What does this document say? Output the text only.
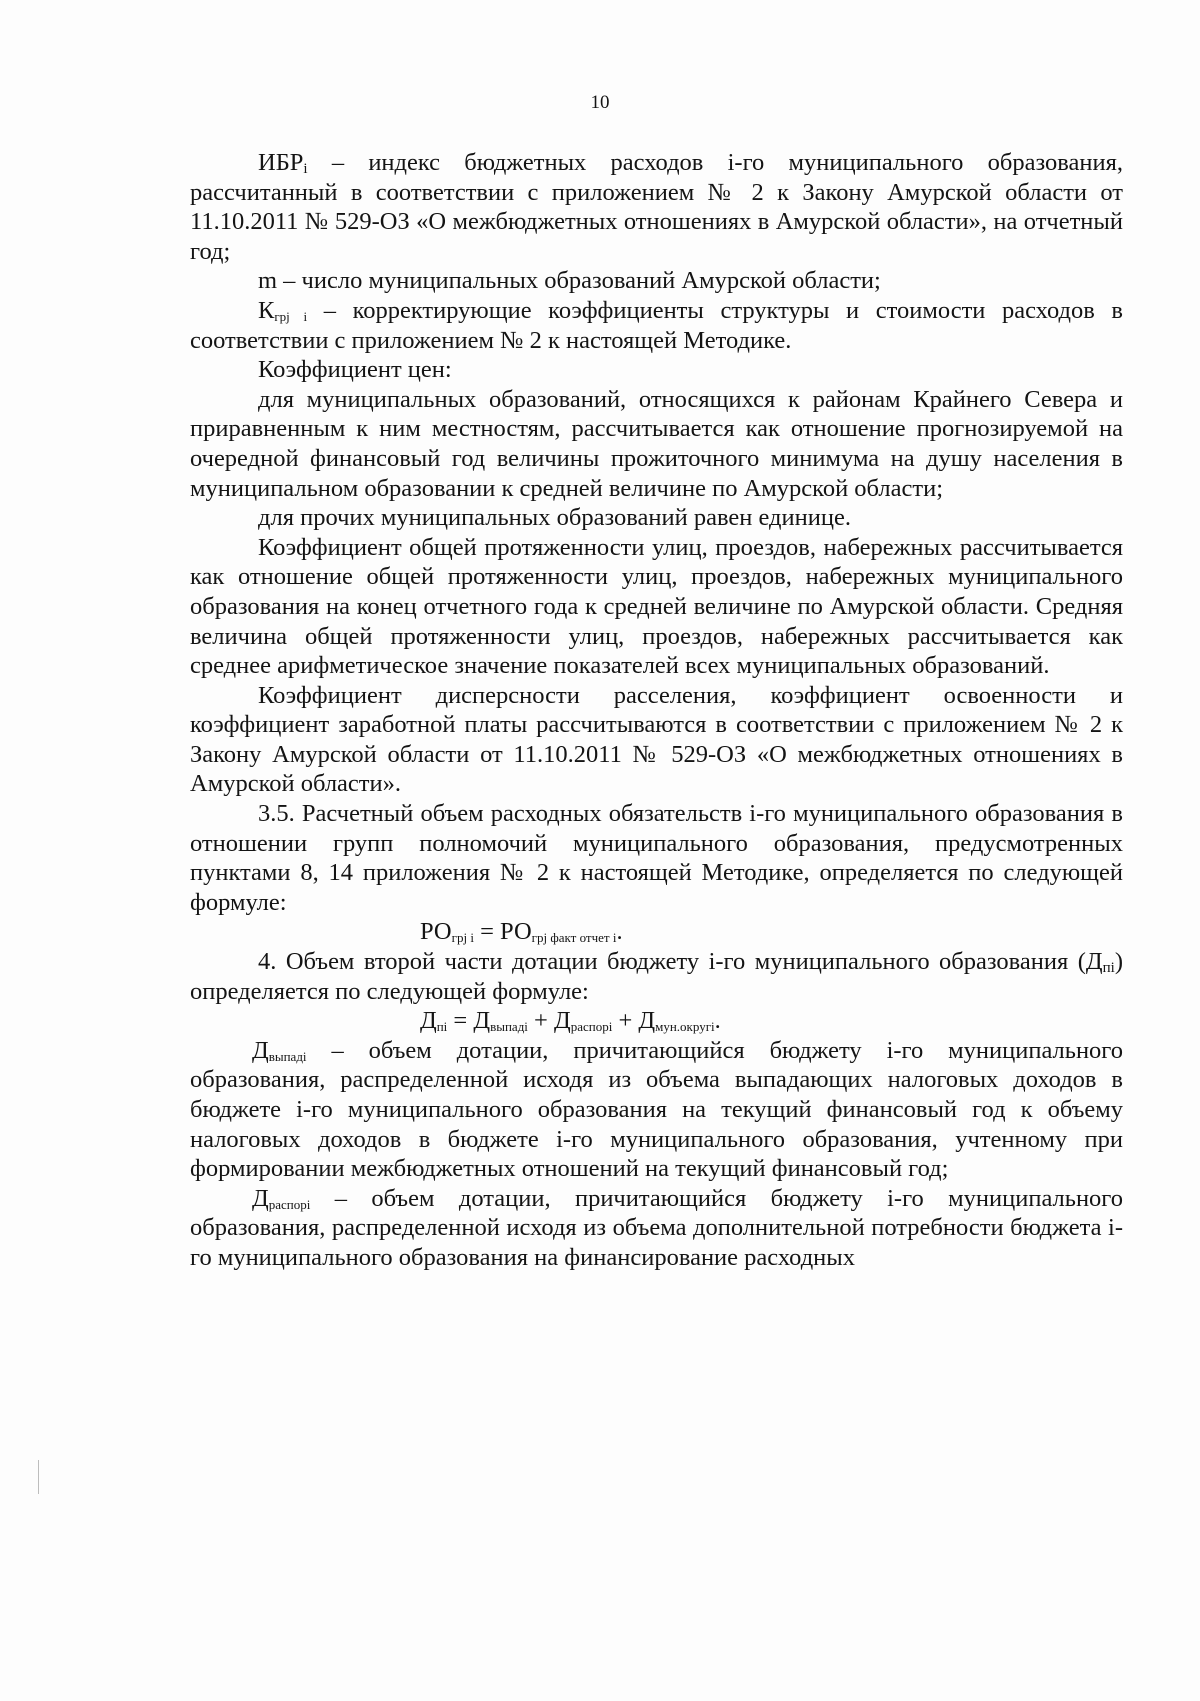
10

$ИБР_i$ – индекс бюджетных расходов i-го муниципального образования, рассчитанный в соответствии с приложением № 2 к Закону Амурской области от 11.10.2011 № 529-ОЗ «О межбюджетных отношениях в Амурской области», на отчетный год;

m – число муниципальных образований Амурской области;

$К_{грj i}$ – корректирующие коэффициенты структуры и стоимости расходов в соответствии с приложением № 2 к настоящей Методике.

Коэффициент цен:

для муниципальных образований, относящихся к районам Крайнего Севера и приравненным к ним местностям, рассчитывается как отношение прогнозируемой на очередной финансовый год величины прожиточного минимума на душу населения в муниципальном образовании к средней величине по Амурской области;

для прочих муниципальных образований равен единице.

Коэффициент общей протяженности улиц, проездов, набережных рассчитывается как отношение общей протяженности улиц, проездов, набережных муниципального образования на конец отчетного года к средней величине по Амурской области. Средняя величина общей протяженности улиц, проездов, набережных рассчитывается как среднее арифметическое значение показателей всех муниципальных образований.

Коэффициент дисперсности расселения, коэффициент освоенности и коэффициент заработной платы рассчитываются в соответствии с приложением № 2 к Закону Амурской области от 11.10.2011 № 529-ОЗ «О межбюджетных отношениях в Амурской области».

3.5. Расчетный объем расходных обязательств i-го муниципального образования в отношении групп полномочий муниципального образования, предусмотренных пунктами 8, 14 приложения № 2 к настоящей Методике, определяется по следующей формуле:

$РО_{грj i} = РО_{грj факт отчет i}$.

4. Объем второй части дотации бюджету i-го муниципального образования $(Д_{пi})$ определяется по следующей формуле:

$Д_{пi} = Д_{выпадi} + Д_{распорi} + Д_{мун.округi}$.

$Д_{выпадi}$ – объем дотации, причитающийся бюджету i-го муниципального образования, распределенной исходя из объема выпадающих налоговых доходов в бюджете i-го муниципального образования на текущий финансовый год к объему налоговых доходов в бюджете i-го муниципального образования, учтенному при формировании межбюджетных отношений на текущий финансовый год;

$Д_{распорi}$ – объем дотации, причитающийся бюджету i-го муниципального образования, распределенной исходя из объема дополнительной потребности бюджета i-го муниципального образования на финансирование расходных
